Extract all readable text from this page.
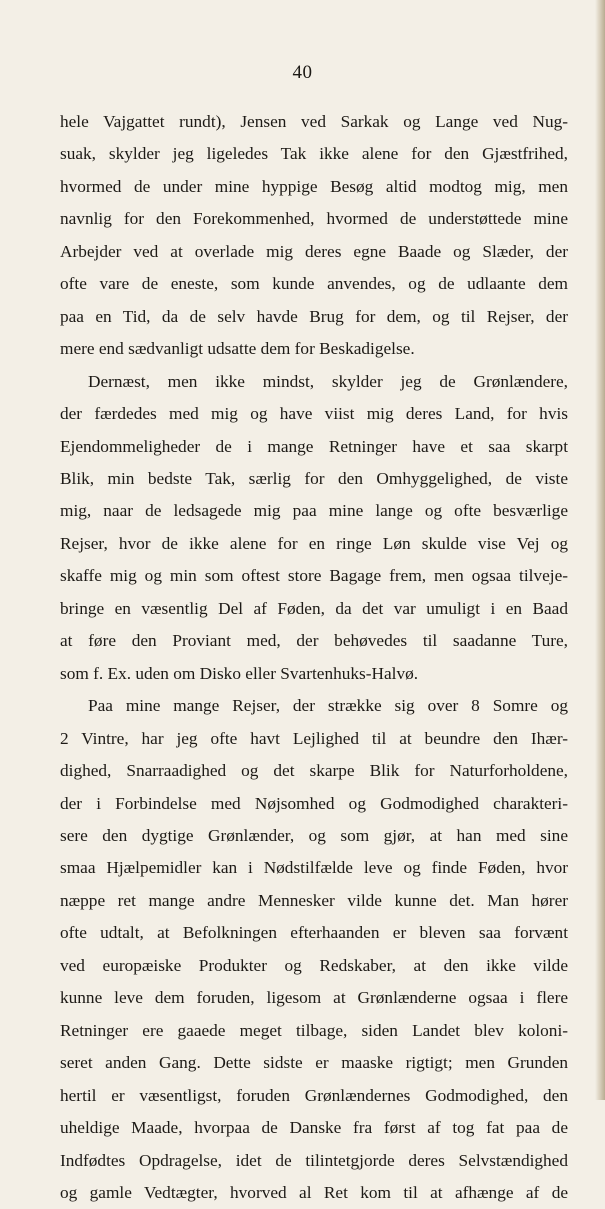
40
hele Vajgattet rundt), Jensen ved Sarkak og Lange ved Nug-
suak, skylder jeg ligeledes Tak ikke alene for den Gjæstfrihed,
hvormed de under mine hyppige Besøg altid modtog mig, men
navnlig for den Forekommenhed, hvormed de understøttede mine
Arbejder ved at overlade mig deres egne Baade og Slæder, der
ofte vare de eneste, som kunde anvendes, og de udlaante dem
paa en Tid, da de selv havde Brug for dem, og til Rejser, der
mere end sædvanligt udsatte dem for Beskadigelse.
Dernæst, men ikke mindst, skylder jeg de Grønlændere,
der færdedes med mig og have viist mig deres Land, for hvis
Ejendommeligheder de i mange Retninger have et saa skarpt
Blik, min bedste Tak, særlig for den Omhyggelighed, de viste
mig, naar de ledsagede mig paa mine lange og ofte besværlige
Rejser, hvor de ikke alene for en ringe Løn skulde vise Vej og
skaffe mig og min som oftest store Bagage frem, men ogsaa tilveje-
bringe en væsentlig Del af Føden, da det var umuligt i en Baad
at føre den Proviant med, der behøvedes til saadanne Ture,
som f. Ex. uden om Disko eller Svartenhuks-Halvø.
Paa mine mange Rejser, der strække sig over 8 Somre og
2 Vintre, har jeg ofte havt Lejlighed til at beundre den Ihær-
dighed, Snarraadighed og det skarpe Blik for Naturforholdene,
der i Forbindelse med Nøjsomhed og Godmodighed charakteri-
sere den dygtige Grønlænder, og som gjør, at han med sine
smaa Hjælpemidler kan i Nødstilfælde leve og finde Føden, hvor
næppe ret mange andre Mennesker vilde kunne det. Man hører
ofte udtalt, at Befolkningen efterhaanden er bleven saa forvænt
ved europæiske Produkter og Redskaber, at den ikke vilde
kunne leve dem foruden, ligesom at Grønlænderne ogsaa i flere
Retninger ere gaaede meget tilbage, siden Landet blev koloni-
seret anden Gang. Dette sidste er maaske rigtigt; men Grunden
hertil er væsentligst, foruden Grønlændernes Godmodighed, den
uheldige Maade, hvorpaa de Danske fra først af tog fat paa de
Indfødtes Opdragelse, idet de tilintetgjorde deres Selvstændighed
og gamle Vedtægter, hvorved al Ret kom til at afhænge af de
